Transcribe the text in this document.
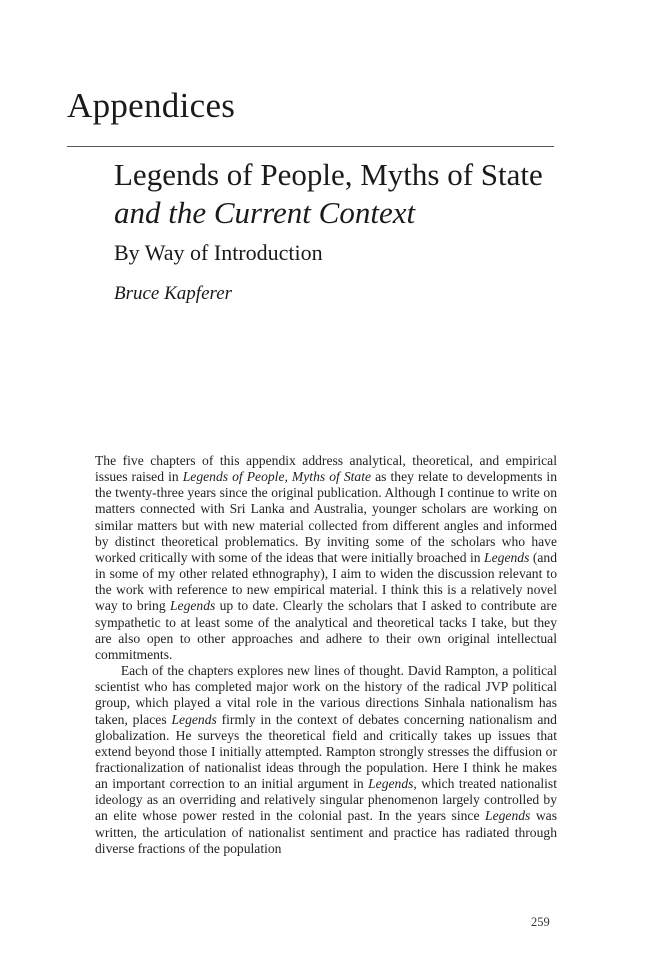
Appendices
Legends of People, Myths of State and the Current Context
By Way of Introduction
Bruce Kapferer

The five chapters of this appendix address analytical, theoretical, and empirical issues raised in Legends of People, Myths of State as they relate to developments in the twenty-three years since the original publication. Although I continue to write on matters connected with Sri Lanka and Australia, younger scholars are working on similar matters but with new material collected from different angles and informed by distinct theoretical problematics. By inviting some of the scholars who have worked critically with some of the ideas that were initially broached in Legends (and in some of my other related ethnography), I aim to widen the discussion relevant to the work with reference to new empirical material. I think this is a relatively novel way to bring Legends up to date. Clearly the scholars that I asked to contribute are sympathetic to at least some of the analytical and theoretical tacks I take, but they are also open to other approaches and adhere to their own original intellectual commitments.

Each of the chapters explores new lines of thought. David Rampton, a political scientist who has completed major work on the history of the radical JVP political group, which played a vital role in the various directions Sinhala nationalism has taken, places Legends firmly in the context of debates concerning nationalism and globalization. He surveys the theoretical field and critically takes up issues that extend beyond those I initially attempted. Rampton strongly stresses the diffusion or fractionalization of nationalist ideas through the population. Here I think he makes an important correction to an initial argument in Legends, which treated nationalist ideology as an overriding and relatively singular phenomenon largely controlled by an elite whose power rested in the colonial past. In the years since Legends was written, the articulation of nationalist sentiment and practice has radiated through diverse fractions of the population

259
